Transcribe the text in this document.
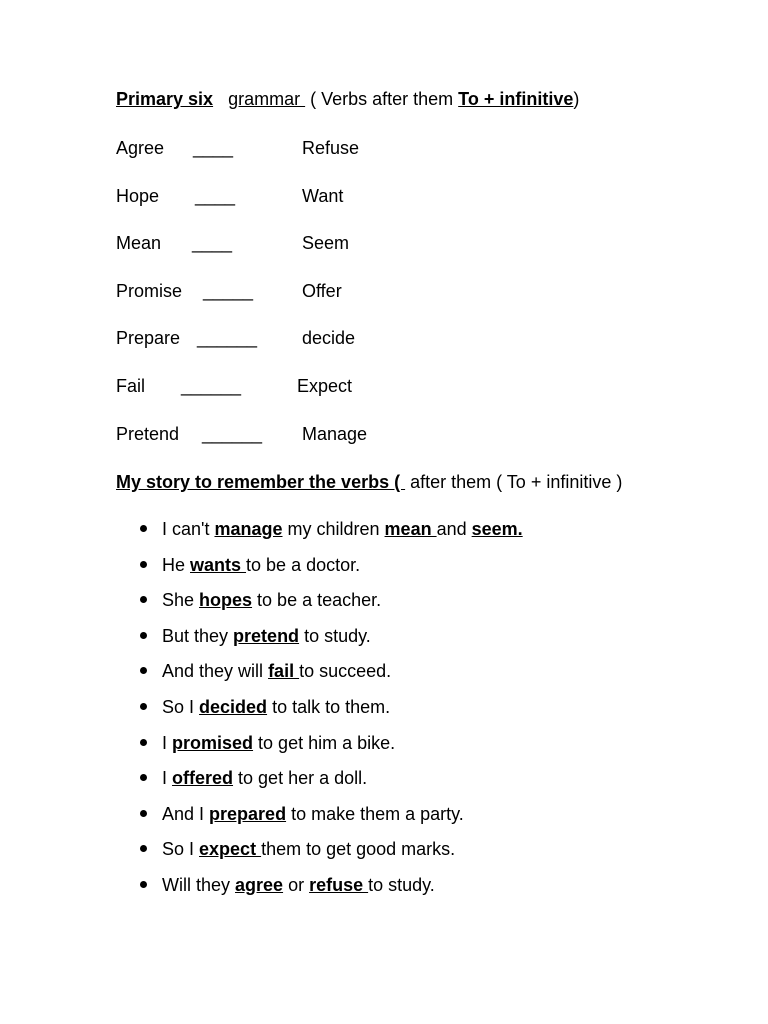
Primary six grammar  ( Verbs after them To + infinitive)
Agree ____	Refuse
Hope ____	Want
Mean ____	Seem
Promise _____	Offer
Prepare ______ decide
Fail ______	Expect
Pretend ______ Manage
My story to remember the verbs (  after them ( To + infinitive )
I can't manage my children mean and seem.
He wants to be a doctor.
She hopes to be a teacher.
But they pretend to study.
And they will fail to succeed.
So I decided to talk to them.
I promised to get him a bike.
I offered to get her a doll.
And I prepared to make them a party.
So I expect them to get good marks.
Will they agree or refuse to study.
